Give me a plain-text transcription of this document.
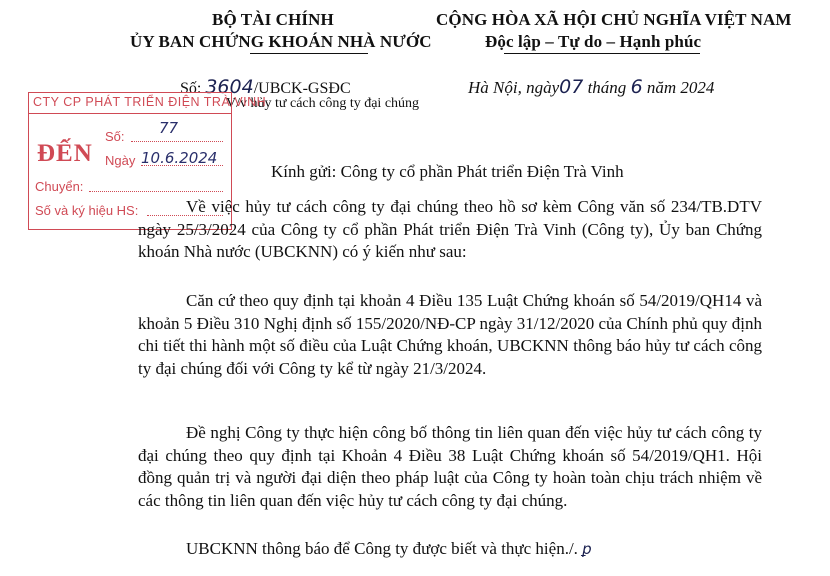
BỘ TÀI CHÍNH
ỦY BAN CHỨNG KHOÁN NHÀ NƯỚC
CỘNG HÒA XÃ HỘI CHỦ NGHĨA VIỆT NAM
Độc lập – Tự do – Hạnh phúc
Số: 3604/UBCK-GSĐC
V/v hủy tư cách công ty đại chúng
Hà Nội, ngày07 tháng 6 năm 2024
CTY CP PHÁT TRIỂN ĐIỆN TRÀ VINH
ĐẾN
Số: 77
Ngày 10.6.2024
Chuyển:
Số và ký hiệu HS:
Kính gửi: Công ty cổ phần Phát triển Điện Trà Vinh
Về việc hủy tư cách công ty đại chúng theo hồ sơ kèm Công văn số 234/TB.DTV ngày 25/3/2024 của Công ty cổ phần Phát triển Điện Trà Vinh (Công ty), Ủy ban Chứng khoán Nhà nước (UBCKNN) có ý kiến như sau:
Căn cứ theo quy định tại khoản 4 Điều 135 Luật Chứng khoán số 54/2019/QH14 và khoản 5 Điều 310 Nghị định số 155/2020/NĐ-CP ngày 31/12/2020 của Chính phủ quy định chi tiết thi hành một số điều của Luật Chứng khoán, UBCKNN thông báo hủy tư cách công ty đại chúng đối với Công ty kể từ ngày 21/3/2024.
Đề nghị Công ty thực hiện công bố thông tin liên quan đến việc hủy tư cách công ty đại chúng theo quy định tại Khoản 4 Điều 38 Luật Chứng khoán số 54/2019/QH1. Hội đồng quản trị và người đại diện theo pháp luật của Công ty hoàn toàn chịu trách nhiệm về các thông tin liên quan đến việc hủy tư cách công ty đại chúng.
UBCKNN thông báo để Công ty được biết và thực hiện./. ꝑ
